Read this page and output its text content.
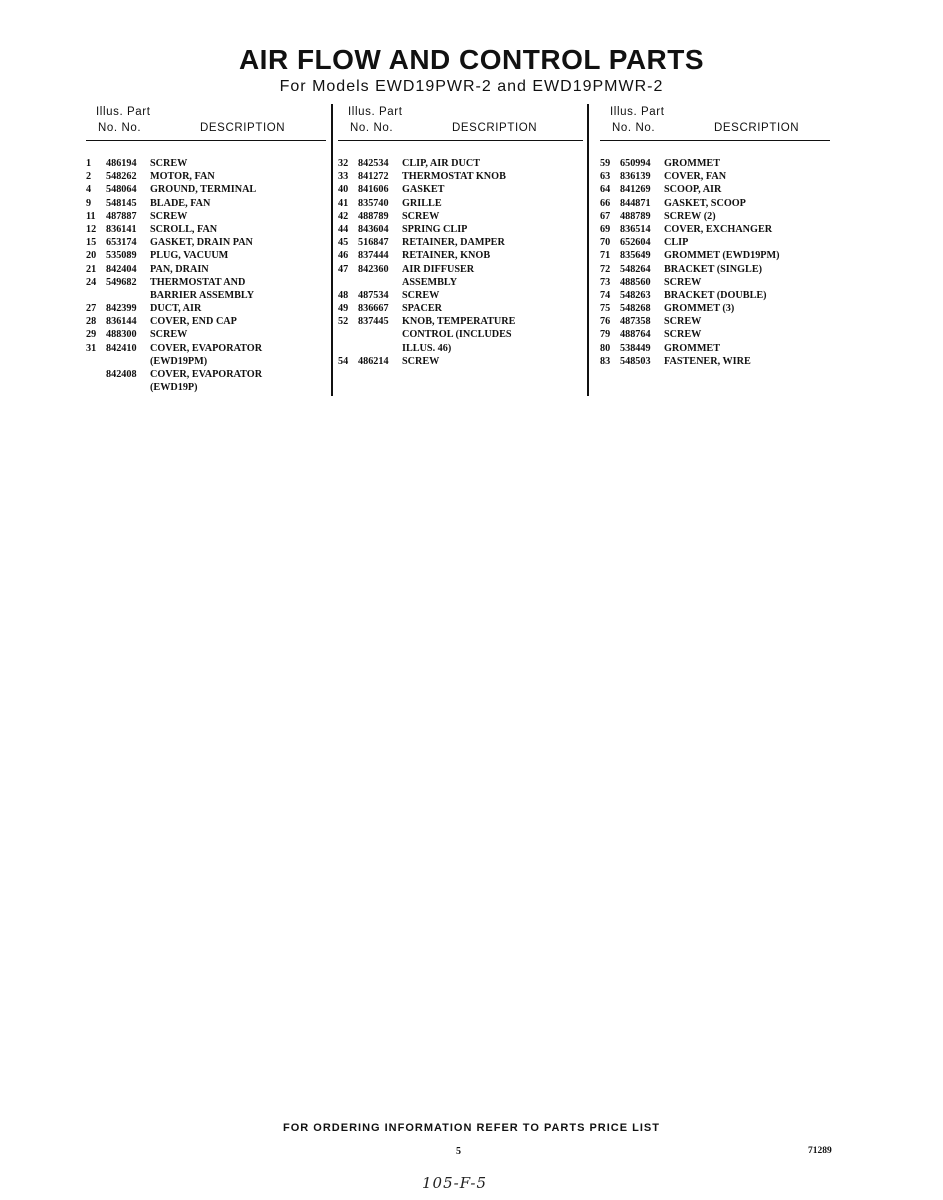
AIR FLOW AND CONTROL PARTS
For Models EWD19PWR-2 and EWD19PMWR-2
Illus. Part
No. No.	DESCRIPTION
1	486194	SCREW
2	548262	MOTOR, FAN
4	548064	GROUND, TERMINAL
9	548145	BLADE, FAN
11	487887	SCREW
12 836141	SCROLL, FAN
15 653174	GASKET, DRAIN PAN
20 535089	PLUG, VACUUM
21 842404	PAN, DRAIN
24 549682	THERMOSTAT AND
BARRIER ASSEMBLY
27 842399	DUCT, AIR
28 836144	COVER, END CAP
29 488300	SCREW
31 842410	COVER, EVAPORATOR
(EWD19PM)
842408	COVER, EVAPORATOR
(EWD19P)
Illus. Part
No. No.	DESCRIPTION
32 842534	CLIP, AIR DUCT
33 841272	THERMOSTAT KNOB
40 841606	GASKET
41 835740	GRILLE
42 488789	SCREW
44 843604	SPRING CLIP
45 516847	RETAINER, DAMPER
46 837444	RETAINER, KNOB
47 842360	AIR DIFFUSER
ASSEMBLY
48 487534	SCREW
49 836667	SPACER
52 837445	KNOB, TEMPERATURE
CONTROL (INCLUDES
ILLUS. 46)
54 486214	SCREW
Illus. Part
No. No.	DESCRIPTION
59 650994	GROMMET
63 836139	COVER, FAN
64 841269	SCOOP, AIR
66 844871	GASKET, SCOOP
67 488789	SCREW (2)
69 836514	COVER, EXCHANGER
70 652604	CLIP
71 835649	GROMMET (EWD19PM)
72 548264	BRACKET (SINGLE)
73 488560	SCREW
74 548263	BRACKET (DOUBLE)
75 548268	GROMMET (3)
76 487358	SCREW
79 488764	SCREW
80 538449	GROMMET
83 548503	FASTENER, WIRE
FOR ORDERING INFORMATION REFER TO PARTS PRICE LIST
5	71289
105-F-5
